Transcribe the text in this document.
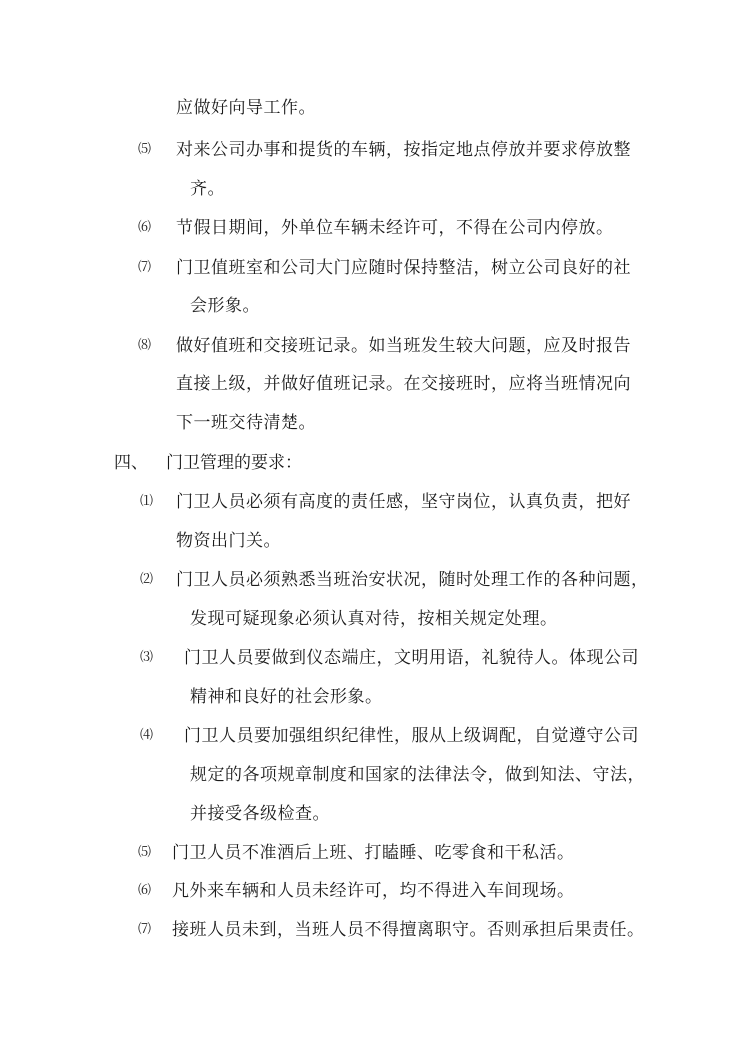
应做好向导工作。
⑸ 对来公司办事和提货的车辆，按指定地点停放并要求停放整
齐。
⑹ 节假日期间，外单位车辆未经许可，不得在公司内停放。
⑺ 门卫值班室和公司大门应随时保持整洁，树立公司良好的社
会形象。
⑻ 做好值班和交接班记录。如当班发生较大问题，应及时报告
直接上级，并做好值班记录。在交接班时，应将当班情况向
下一班交待清楚。
四、 门卫管理的要求：
⑴ 门卫人员必须有高度的责任感，坚守岗位，认真负责，把好
物资出门关。
⑵ 门卫人员必须熟悉当班治安状况，随时处理工作的各种问题，
发现可疑现象必须认真对待，按相关规定处理。
⑶ 门卫人员要做到仪态端庄，文明用语，礼貌待人。体现公司
精神和良好的社会形象。
⑷ 门卫人员要加强组织纪律性，服从上级调配，自觉遵守公司
规定的各项规章制度和国家的法律法令，做到知法、守法，
并接受各级检查。
⑸ 门卫人员不准酒后上班、打瞌睡、吃零食和干私活。
⑹ 凡外来车辆和人员未经许可，均不得进入车间现场。
⑺ 接班人员未到，当班人员不得擅离职守。否则承担后果责任。
